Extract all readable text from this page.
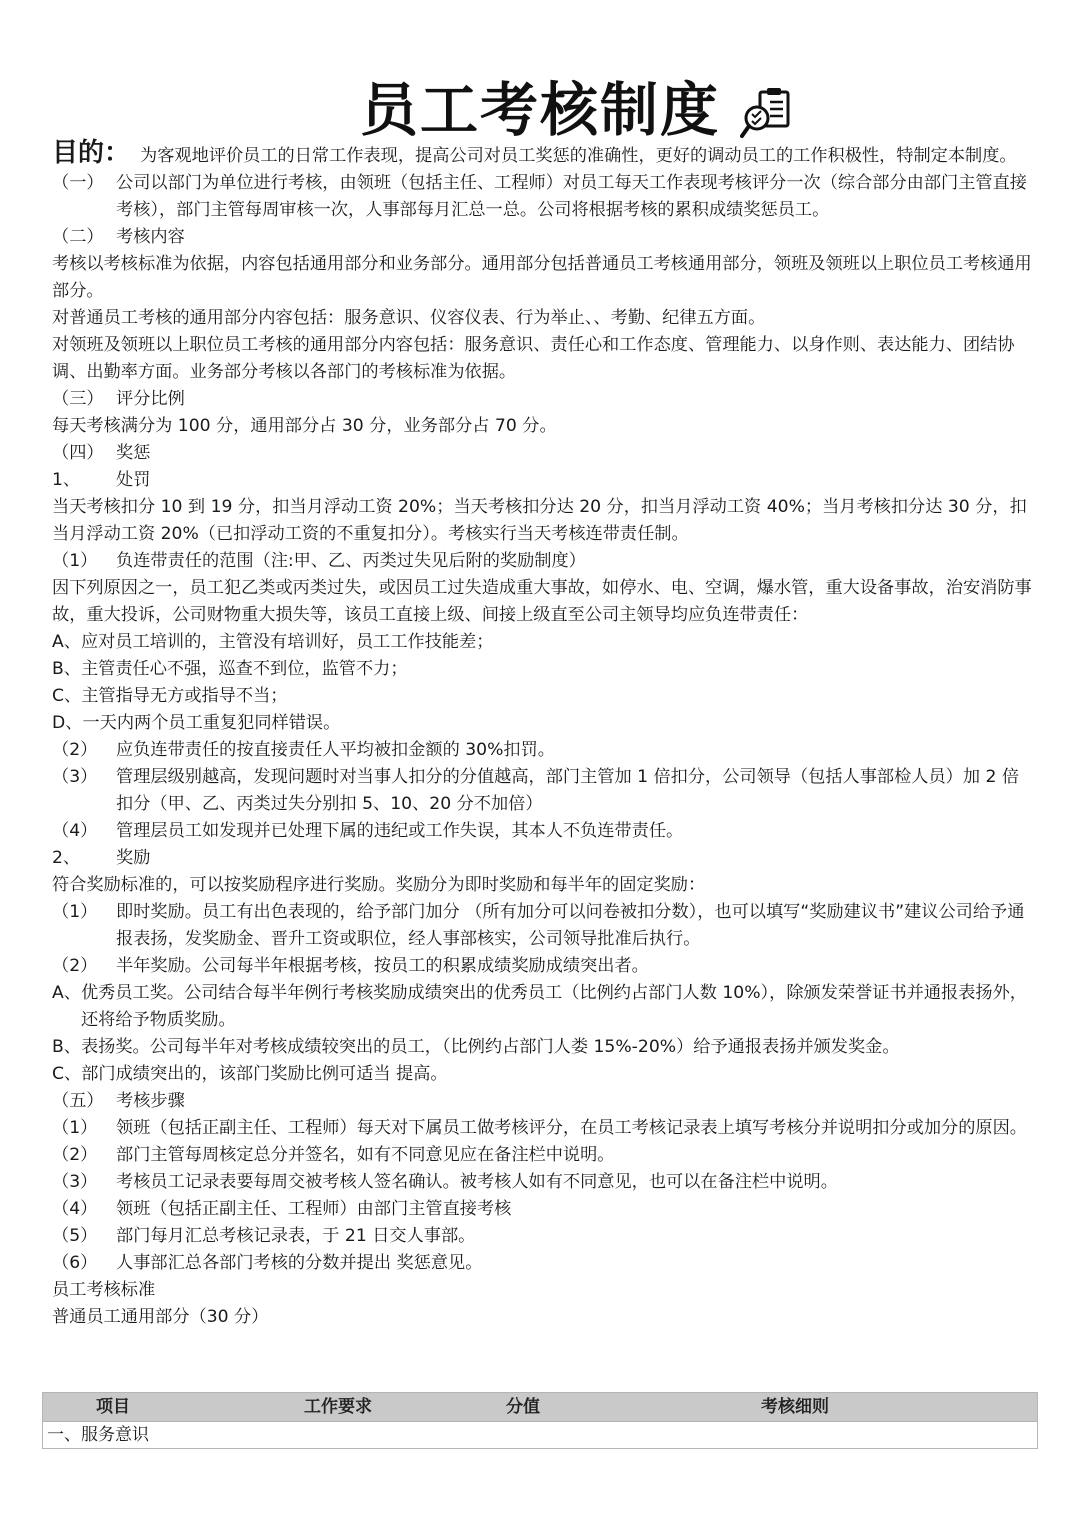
员工考核制度

目的： 为客观地评价员工的日常工作表现，提高公司对员工奖惩的准确性，更好的调动员工的工作积极性，特制定本制度。

（一） 公司以部门为单位进行考核，由领班（包括主任、工程师）对员工每天工作表现考核评分一次（综合部分由部门主管直接考核），部门主管每周审核一次，人事部每月汇总一总。公司将根据考核的累积成绩奖惩员工。
（二） 考核内容

考核以考核标准为依据，内容包括通用部分和业务部分。通用部分包括普通员工考核通用部分，领班及领班以上职位员工考核通用部分。

对普通员工考核的通用部分内容包括：服务意识、仪容仪表、行为举止、、考勤、纪律五方面。

对领班及领班以上职位员工考核的通用部分内容包括：服务意识、责任心和工作态度、管理能力、以身作则、表达能力、团结协调、出勤率方面。业务部分考核以各部门的考核标准为依据。

（三） 评分比例

每天考核满分为 100 分，通用部分占 30 分，业务部分占 70 分。

（四） 奖惩
1、	处罚

当天考核扣分 10 到 19 分，扣当月浮动工资 20%；当天考核扣分达 20 分，扣当月浮动工资 40%；当月考核扣分达 30 分，扣当月浮动工资 20%（已扣浮动工资的不重复扣分）。考核实行当天考核连带责任制。

（1）	负连带责任的范围（注:甲、乙、丙类过失见后附的奖励制度）

因下列原因之一，员工犯乙类或丙类过失，或因员工过失造成重大事故，如停水、电、空调，爆水管，重大设备事故，治安消防事故，重大投诉，公司财物重大损失等，该员工直接上级、间接上级直至公司主领导均应负连带责任：

A、 应对员工培训的，主管没有培训好，员工工作技能差；
B、 主管责任心不强，巡查不到位，监管不力；
C、 主管指导无方或指导不当；
D、 一天内两个员工重复犯同样错误。
（2）	应负连带责任的按直接责任人平均被扣金额的 30%扣罚。
（3）	管理层级别越高，发现问题时对当事人扣分的分值越高，部门主管加 1 倍扣分，公司领导（包括人事部检人员）加 2 倍扣分（甲、乙、丙类过失分别扣 5、10、20 分不加倍）
（4）	管理层员工如发现并已处理下属的违纪或工作失误，其本人不负连带责任。
2、	奖励

符合奖励标准的，可以按奖励程序进行奖励。奖励分为即时奖励和每半年的固定奖励：

（1）	即时奖励。员工有出色表现的，给予部门加分 （所有加分可以问卷被扣分数），也可以填写“奖励建议书”建议公司给予通报表扬，发奖励金、晋升工资或职位，经人事部核实，公司领导批准后执行。
（2）	半年奖励。公司每半年根据考核，按员工的积累成绩奖励成绩突出者。
A、 优秀员工奖。公司结合每半年例行考核奖励成绩突出的优秀员工（比例约占部门人数 10%），除颁发荣誉证书并通报表扬外，还将给予物质奖励。
B、 表扬奖。公司每半年对考核成绩较突出的员工，（比例约占部门人娄 15%-20%）给予通报表扬并颁发奖金。
C、 部门成绩突出的，该部门奖励比例可适当 提高。
（五） 考核步骤
（1）	领班（包括正副主任、工程师）每天对下属员工做考核评分，在员工考核记录表上填写考核分并说明扣分或加分的原因。
（2）	部门主管每周核定总分并签名，如有不同意见应在备注栏中说明。
（3）	考核员工记录表要每周交被考核人签名确认。被考核人如有不同意见，也可以在备注栏中说明。
（4）	领班（包括正副主任、工程师）由部门主管直接考核
（5）	部门每月汇总考核记录表，于 21 日交人事部。
（6）	人事部汇总各部门考核的分数并提出 奖惩意见。

员工考核标准

普通员工通用部分（30 分）

项目	工作要求	分值	考核细则
一、服务意识
